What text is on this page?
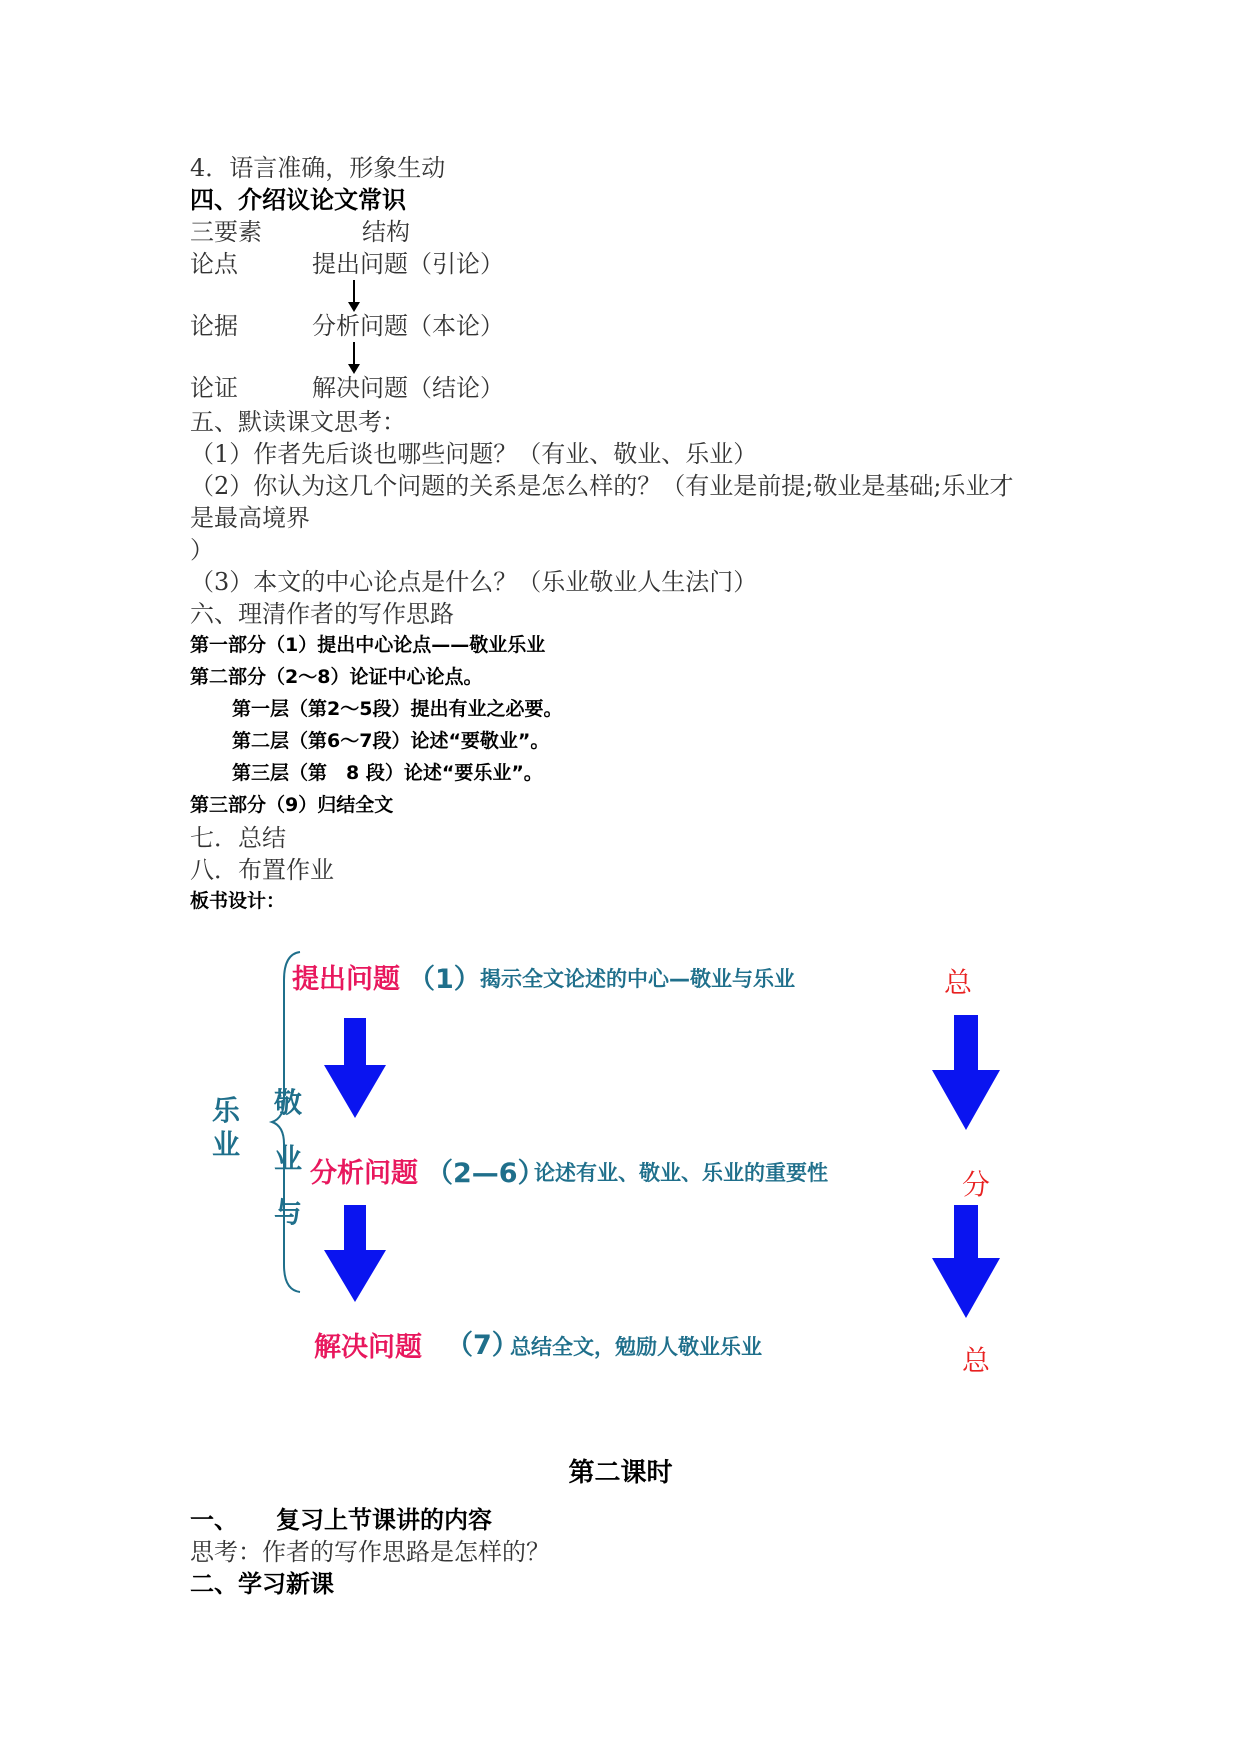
4．语言准确，形象生动
四、介绍议论文常识
三要素	结构
论点	提出问题（引论）
论据	分析问题（本论）
论证	解决问题（结论）
五、默读课文思考：
（1）作者先后谈也哪些问题？（有业、敬业、乐业）
（2）你认为这几个问题的关系是怎么样的？（有业是前提;敬业是基础;乐业才
是最高境界
）
（3）本文的中心论点是什么？（乐业敬业人生法门）
六、理清作者的写作思路
第一部分（1）提出中心论点——敬业乐业
第二部分（2～8）论证中心论点。
第一层（第2～5段）提出有业之必要。
第二层（第6～7段）论述“要敬业”。
第三层（第　8 段）论述“要乐业”。
第三部分（9）归结全文
七．总结
八．布置作业
板书设计：
乐
业
敬
业
与
提出问题 （1） 揭示全文论述的中心—敬业与乐业
分析问题 （2—6）
论述有业、敬业、乐业的重要性
解决问题 （7）
总结全文，勉励人敬业乐业
总
分
总
第二课时
一、 复习上节课讲的内容
思考：作者的写作思路是怎样的？
二、学习新课
